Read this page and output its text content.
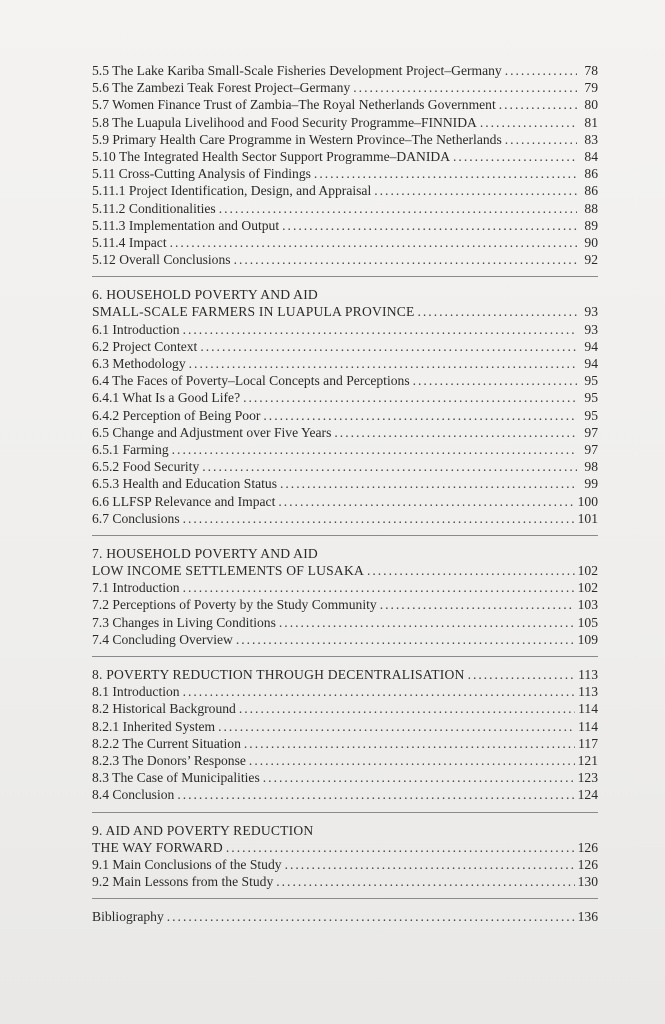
5.5 The Lake Kariba Small-Scale Fisheries Development Project–Germany .....	78
5.6 The Zambezi Teak Forest Project–Germany .....	79
5.7 Women Finance Trust of Zambia–The Royal Netherlands Government .....	80
5.8 The Luapula Livelihood and Food Security Programme–FINNIDA .....	81
5.9 Primary Health Care Programme in Western Province–The Netherlands .....	83
5.10 The Integrated Health Sector Support Programme–DANIDA .....	84
5.11 Cross-Cutting Analysis of Findings .....	86
5.11.1 Project Identification, Design, and Appraisal .....	86
5.11.2 Conditionalities .....	88
5.11.3 Implementation and Output .....	89
5.11.4 Impact .....	90
5.12 Overall Conclusions .....	92
6. HOUSEHOLD POVERTY AND AID
SMALL-SCALE FARMERS IN LUAPULA PROVINCE .....	93
6.1 Introduction .....	93
6.2 Project Context .....	94
6.3 Methodology .....	94
6.4 The Faces of Poverty–Local Concepts and Perceptions .....	95
6.4.1 What Is a Good Life? .....	95
6.4.2 Perception of Being Poor .....	95
6.5 Change and Adjustment over Five Years .....	97
6.5.1 Farming .....	97
6.5.2 Food Security .....	98
6.5.3 Health and Education Status .....	99
6.6 LLFSP Relevance and Impact .....	100
6.7 Conclusions .....	101
7. HOUSEHOLD POVERTY AND AID
LOW INCOME SETTLEMENTS OF LUSAKA .....	102
7.1 Introduction .....	102
7.2 Perceptions of Poverty by the Study Community .....	103
7.3 Changes in Living Conditions .....	105
7.4 Concluding Overview .....	109
8. POVERTY REDUCTION THROUGH DECENTRALISATION .....	113
8.1 Introduction .....	113
8.2 Historical Background .....	114
8.2.1 Inherited System .....	114
8.2.2 The Current Situation .....	117
8.2.3 The Donors’ Response .....	121
8.3 The Case of Municipalities .....	123
8.4 Conclusion .....	124
9. AID AND POVERTY REDUCTION
THE WAY FORWARD .....	126
9.1 Main Conclusions of the Study .....	126
9.2 Main Lessons from the Study .....	130
Bibliography .....	136
